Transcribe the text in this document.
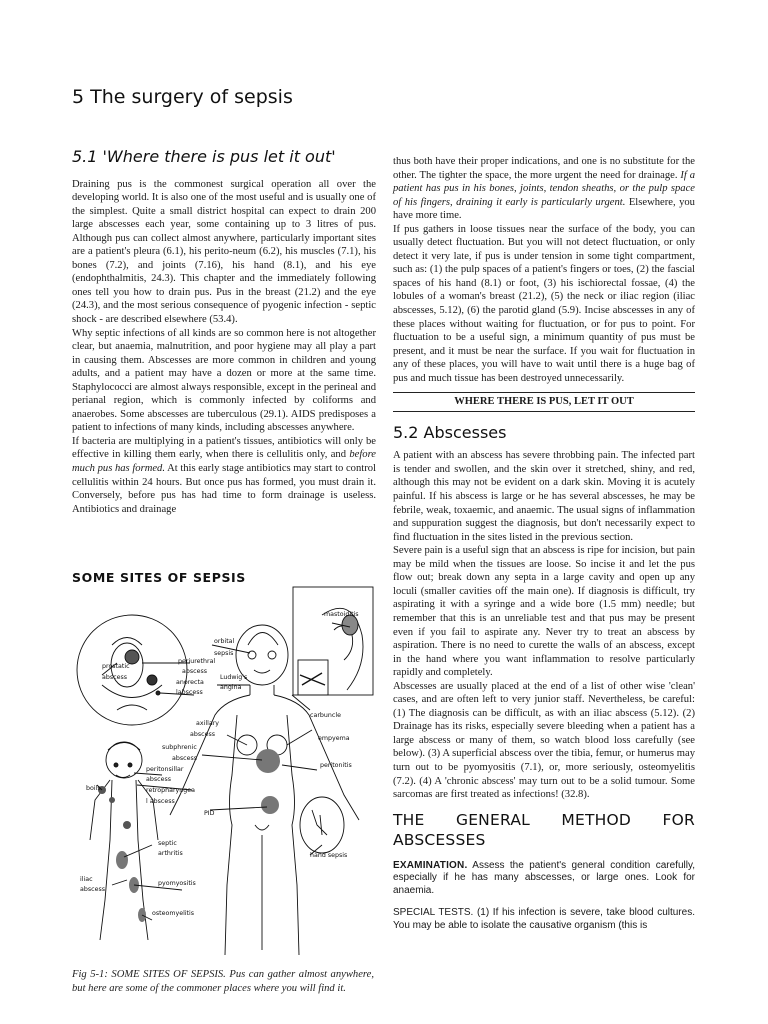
5 The surgery of sepsis
5.1 'Where there is pus let it out'

Draining pus is the commonest surgical operation all over the developing world. It is also one of the most useful and is usually one of the simplest. Quite a small district hospital can expect to drain 200 large abscesses each year, some containing up to 3 litres of pus. Although pus can collect almost anywhere, particularly important sites are a patient's pleura (6.1), his perito-neum (6.2), his muscles (7.1), his bones (7.2), and joints (7.16), his hand (8.1), and his eye (endophthalmitis, 24.3). This chapter and the immediately following ones tell you how to drain pus. Pus in the breast (21.2) and the eye (24.3), and the most serious consequence of pyogenic infection - septic shock - are described elsewhere (53.4).

Why septic infections of all kinds are so common here is not altogether clear, but anaemia, malnutrition, and poor hygiene may all play a part in causing them. Abscesses are more common in children and young adults, and a patient may have a dozen or more at the same time. Staphylococci are almost always responsible, except in the perineal and perianal region, which is commonly infected by coliforms and anaerobes. Some abscesses are tuberculous (29.1). AIDS predisposes a patient to infections of many kinds, including abscesses anywhere.

If bacteria are multiplying in a patient's tissues, antibiotics will only be effective in killing them early, when there is cellulitis only, and before much pus has formed. At this early stage antibiotics may start to control cellulitis within 24 hours. But once pus has formed, you must drain it. Conversely, before pus has had time to form drainage is useless. Antibiotics and drainage

SOME SITES OF SEPSIS
mastoiditis
orbital
sepsis
periurethral
abscess
prostatic
abscess
anorecta
labscess
Ludwig's
angina
carbuncle
axillary
abscess
empyema
subphrenic
abscess
peritonsillar
abscess
peritonitis
boils	retropharyngea
l abscess
PID
septic
arthritis	hand sepsis
iliac
abscess
pyomyositis
osteomyelitis

Fig 5-1: SOME SITES OF SEPSIS. Pus can gather almost anywhere, but here are some of the commoner places where you will find it.

thus both have their proper indications, and one is no substitute for the other. The tighter the space, the more urgent the need for drainage. If a patient has pus in his bones, joints, tendon sheaths, or the pulp space of his fingers, draining it early is particularly urgent. Elsewhere, you have more time.

If pus gathers in loose tissues near the surface of the body, you can usually detect fluctuation. But you will not detect fluctuation, or only detect it very late, if pus is under tension in some tight compartment, such as: (1) the pulp spaces of a patient's fingers or toes, (2) the fascial spaces of his hand (8.1) or foot, (3) his ischiorectal fossae, (4) the lobules of a woman's breast (21.2), (5) the neck or iliac region (iliac abscesses, 5.12), (6) the parotid gland (5.9). Incise abscesses in any of these places without waiting for fluctuation, or for pus to point. For fluctuation to be a useful sign, a minimum quantity of pus must be present, and it must be near the surface. If you wait for fluctuation in any of these places, you will have to wait until there is a huge bag of pus and much tissue has been destroyed unnecessarily.

WHERE THERE IS PUS, LET IT OUT
5.2 Abscesses

A patient with an abscess has severe throbbing pain. The infected part is tender and swollen, and the skin over it stretched, shiny, and red, although this may not be evident on a dark skin. Moving it is acutely painful. If his abscess is large or he has several abscesses, he may be febrile, weak, toxaemic, and anaemic. The usual signs of inflammation and suppuration suggest the diagnosis, but don't necessarily expect to find fluctuation in the sites listed in the previous section.

Severe pain is a useful sign that an abscess is ripe for incision, but pain may be mild when the tissues are loose. So incise it and let the pus flow out; break down any septa in a large cavity and open up any loculi (smaller cavities off the main one). If diagnosis is difficult, try aspirating it with a syringe and a wide bore (1.5 mm) needle; but remember that this is an unreliable test and that pus may be present even if you fail to aspirate any. Never try to treat an abscess by aspiration. There is no need to curette the walls of an abscess, except in the hand where you want inflammation to resolve particularly rapidly and completely.

Abscesses are usually placed at the end of a list of other wise 'clean' cases, and are often left to very junior staff. Nevertheless, be careful: (1) The diagnosis can be difficult, as with an iliac abscess (5.12). (2) Drainage has its risks, especially severe bleeding when a patient has a large abscess or many of them, so watch blood loss carefully (see below). (3) A superficial abscess over the tibia, femur, or humerus may turn out to be pyomyositis (7.1), or, more seriously, osteomyelitis (7.2). (4) A 'chronic abscess' may turn out to be a solid tumour. Some sarcomas are first treated as infections! (32.8).

THE GENERAL METHOD FOR ABSCESSES

EXAMINATION. Assess the patient's general condition carefully, especially if he has many abscesses, or large ones. Look for anaemia.

SPECIAL TESTS. (1) If his infection is severe, take blood cultures. You may be able to isolate the causative organism (this is
